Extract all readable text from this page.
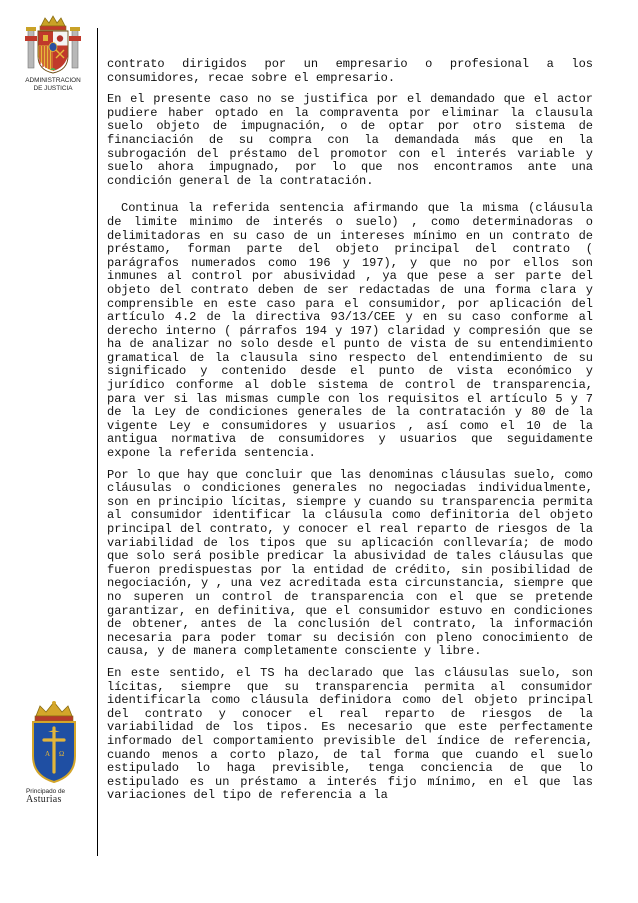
ADMINISTRACION
DE JUSTICIA

contrato dirigidos por un empresario o profesional a los consumidores, recae sobre el empresario.

En el presente caso no se justifica por el demandado que el actor pudiere haber optado en la compraventa por eliminar la clausula suelo objeto de impugnación, o de optar por otro sistema de financiación de su compra con la demandada más que en la subrogación del préstamo del promotor con el interés variable y suelo ahora impugnado, por lo que nos encontramos ante una condición general de la contratación.

Continua la referida sentencia afirmando que la misma (cláusula de limite minimo de interés o suelo) , como determinadoras o delimitadoras en su caso de un intereses mínimo en un contrato de préstamo, forman parte del objeto principal del contrato ( parágrafos numerados como 196 y 197), y que no por ellos son inmunes al control por abusividad , ya que pese a ser parte del objeto del contrato deben de ser redactadas de una forma clara y comprensible en este caso para el consumidor, por aplicación del artículo 4.2 de la directiva 93/13/CEE y en su caso conforme al derecho interno ( párrafos 194 y 197) claridad y compresión que se ha de analizar no solo desde el punto de vista de su entendimiento gramatical de la clausula sino respecto del entendimiento de su significado y contenido desde el punto de vista económico y jurídico conforme al doble sistema de control de transparencia, para ver si las mismas cumple con los requisitos el artículo 5 y 7 de la Ley de condiciones generales de la contratación y 80 de la vigente Ley e consumidores y usuarios , así como el 10 de la antigua normativa de consumidores y usuarios que seguidamente expone la referida sentencia.

Por lo que hay que concluir que las denominas cláusulas suelo, como cláusulas o condiciones generales no negociadas individualmente, son en principio lícitas, siempre y cuando su transparencia permita al consumidor identificar la cláusula como definitoria del objeto principal del contrato, y conocer el real reparto de riesgos de la variabilidad de los tipos que su aplicación conllevaría; de modo que solo será posible predicar la abusividad de tales cláusulas que fueron predispuestas por la entidad de crédito, sin posibilidad de negociación, y , una vez acreditada esta circunstancia, siempre que no superen un control de transparencia con el que se pretende garantizar, en definitiva, que el consumidor estuvo en condiciones de obtener, antes de la conclusión del contrato, la información necesaria para poder tomar su decisión con pleno conocimiento de causa, y de manera completamente consciente y libre.

En este sentido, el TS ha declarado que las cláusulas suelo, son lícitas, siempre que su transparencia permita al consumidor identificarla como cláusula definidora como del objeto principal del contrato y conocer el real reparto de riesgos de la variabilidad de los tipos. Es necesario que este perfectamente informado del comportamiento previsible del índice de referencia, cuando menos a corto plazo, de tal forma que cuando el suelo estipulado lo haga previsible, tenga conciencia de que lo estipulado es un préstamo a interés fijo mínimo, en el que las variaciones del tipo de referencia a la

A Ω
Principado de
Asturias
